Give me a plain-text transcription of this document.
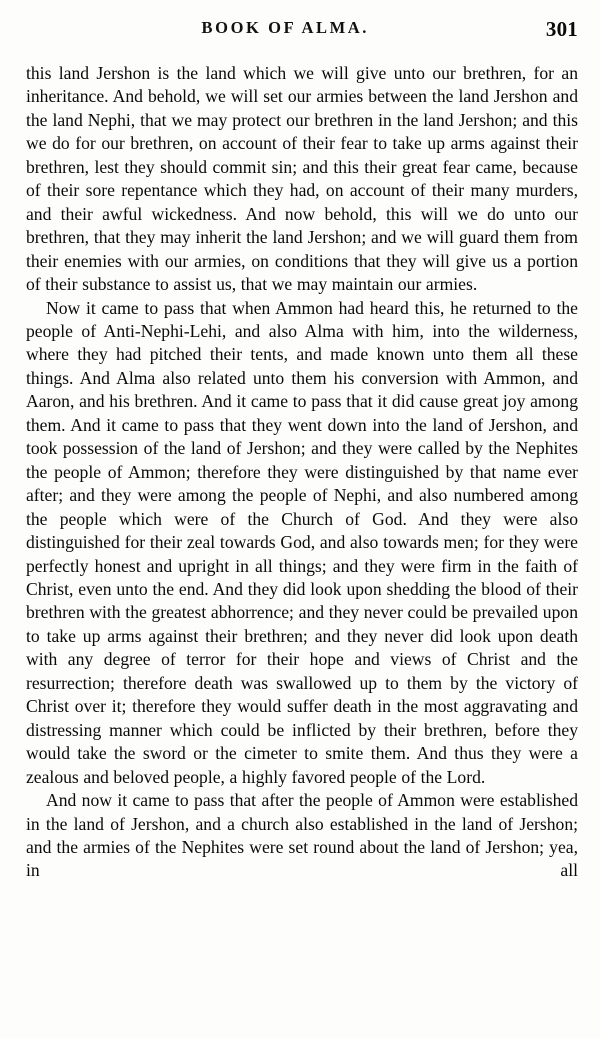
BOOK OF ALMA.	301

this land Jershon is the land which we will give unto our brethren, for an inheritance. And behold, we will set our armies between the land Jershon and the land Nephi, that we may protect our brethren in the land Jershon; and this we do for our brethren, on account of their fear to take up arms against their brethren, lest they should commit sin; and this their great fear came, because of their sore repentance which they had, on account of their many murders, and their awful wickedness. And now behold, this will we do unto our brethren, that they may inherit the land Jershon; and we will guard them from their enemies with our armies, on conditions that they will give us a portion of their substance to assist us, that we may maintain our armies.

Now it came to pass that when Ammon had heard this, he returned to the people of Anti-Nephi-Lehi, and also Alma with him, into the wilderness, where they had pitched their tents, and made known unto them all these things. And Alma also related unto them his conversion with Ammon, and Aaron, and his brethren. And it came to pass that it did cause great joy among them. And it came to pass that they went down into the land of Jershon, and took possession of the land of Jershon; and they were called by the Nephites the people of Ammon; therefore they were distinguished by that name ever after; and they were among the people of Nephi, and also numbered among the people which were of the Church of God. And they were also distinguished for their zeal towards God, and also towards men; for they were perfectly honest and upright in all things; and they were firm in the faith of Christ, even unto the end. And they did look upon shedding the blood of their brethren with the greatest abhorrence; and they never could be prevailed upon to take up arms against their brethren; and they never did look upon death with any degree of terror for their hope and views of Christ and the resurrection; therefore death was swallowed up to them by the victory of Christ over it; therefore they would suffer death in the most aggravating and distressing manner which could be inflicted by their brethren, before they would take the sword or the cimeter to smite them. And thus they were a zealous and beloved people, a highly favored people of the Lord.

And now it came to pass that after the people of Ammon were established in the land of Jershon, and a church also established in the land of Jershon; and the armies of the Nephites were set round about the land of Jershon; yea, in all
